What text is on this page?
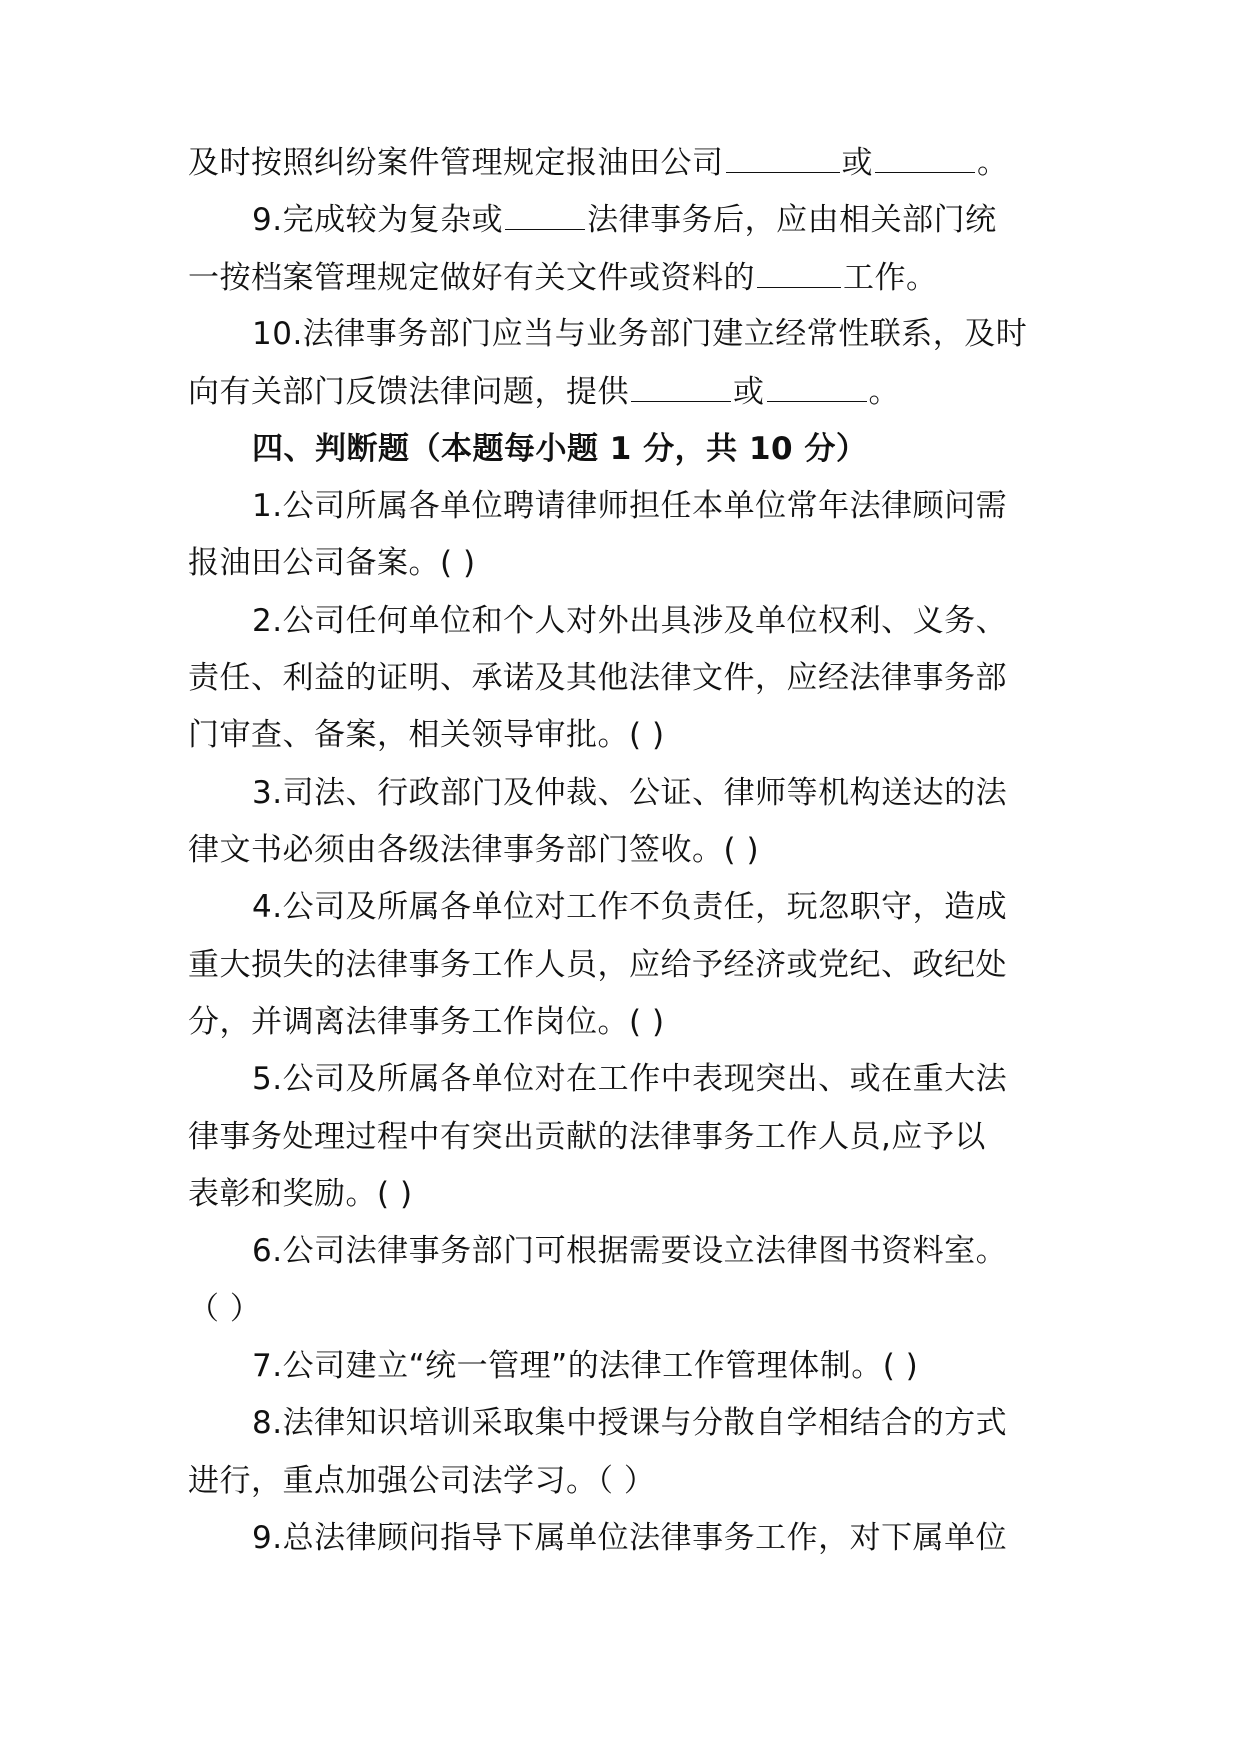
及时按照纠纷案件管理规定报油田公司	或	。
9.完成较为复杂或	法律事务后，应由相关部门统
一按档案管理规定做好有关文件或资料的	工作。
10.法律事务部门应当与业务部门建立经常性联系，及时
向有关部门反馈法律问题，提供	或	。
四、判断题（本题每小题 1 分，共 10 分）
1.公司所属各单位聘请律师担任本单位常年法律顾问需
报油田公司备案。( )
2.公司任何单位和个人对外出具涉及单位权利、义务、
责任、利益的证明、承诺及其他法律文件，应经法律事务部
门审查、备案，相关领导审批。( )
3.司法、行政部门及仲裁、公证、律师等机构送达的法
律文书必须由各级法律事务部门签收。( )
4.公司及所属各单位对工作不负责任，玩忽职守，造成
重大损失的法律事务工作人员，应给予经济或党纪、政纪处
分，并调离法律事务工作岗位。( )
5.公司及所属各单位对在工作中表现突出、或在重大法
律事务处理过程中有突出贡献的法律事务工作人员,应予以
表彰和奖励。( )
6.公司法律事务部门可根据需要设立法律图书资料室。
（ ）
7.公司建立“统一管理”的法律工作管理体制。( )
8.法律知识培训采取集中授课与分散自学相结合的方式
进行，重点加强公司法学习。（ ）
9.总法律顾问指导下属单位法律事务工作，对下属单位
